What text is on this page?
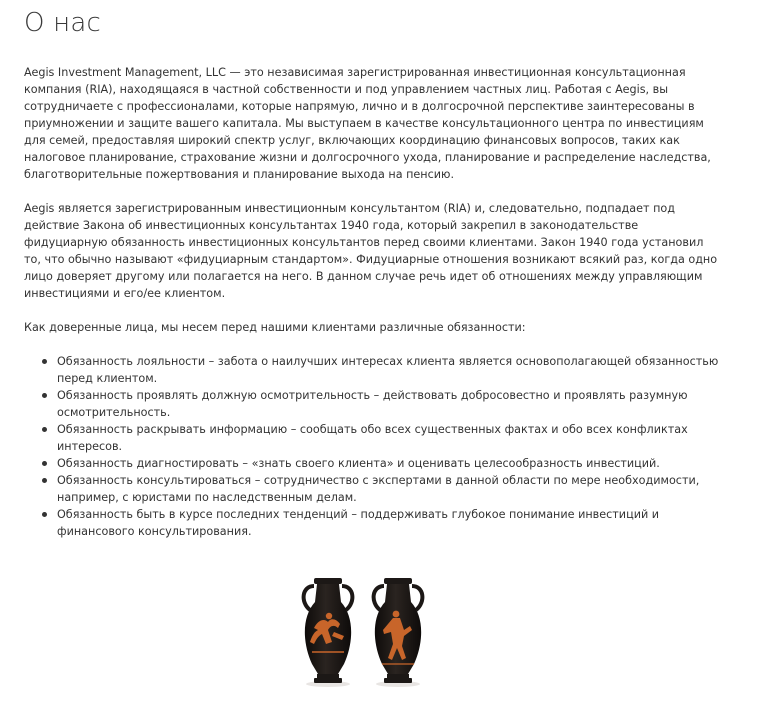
О нас

Aegis Investment Management, LLC — это независимая зарегистрированная инвестиционная консультационная компания (RIA), находящаяся в частной собственности и под управлением частных лиц. Работая с Aegis, вы сотрудничаете с профессионалами, которые напрямую, лично и в долгосрочной перспективе заинтересованы в приумножении и защите вашего капитала. Мы выступаем в качестве консультационного центра по инвестициям для семей, предоставляя широкий спектр услуг, включающих координацию финансовых вопросов, таких как налоговое планирование, страхование жизни и долгосрочного ухода, планирование и распределение наследства, благотворительные пожертвования и планирование выхода на пенсию.

Aegis является зарегистрированным инвестиционным консультантом (RIA) и, следовательно, подпадает под действие Закона об инвестиционных консультантах 1940 года, который закрепил в законодательстве фидуциарную обязанность инвестиционных консультантов перед своими клиентами. Закон 1940 года установил то, что обычно называют «фидуциарным стандартом». Фидуциарные отношения возникают всякий раз, когда одно лицо доверяет другому или полагается на него. В данном случае речь идет об отношениях между управляющим инвестициями и его/ее клиентом.

Как доверенные лица, мы несем перед нашими клиентами различные обязанности:

Обязанность лояльности – забота о наилучших интересах клиента является основополагающей обязанностью перед клиентом.
Обязанность проявлять должную осмотрительность – действовать добросовестно и проявлять разумную осмотрительность.
Обязанность раскрывать информацию – сообщать обо всех существенных фактах и обо всех конфликтах интересов.
Обязанность диагностировать – «знать своего клиента» и оценивать целесообразность инвестиций.
Обязанность консультироваться – сотрудничество с экспертами в данной области по мере необходимости, например, с юристами по наследственным делам.
Обязанность быть в курсе последних тенденций – поддерживать глубокое понимание инвестиций и финансового консультирования.
